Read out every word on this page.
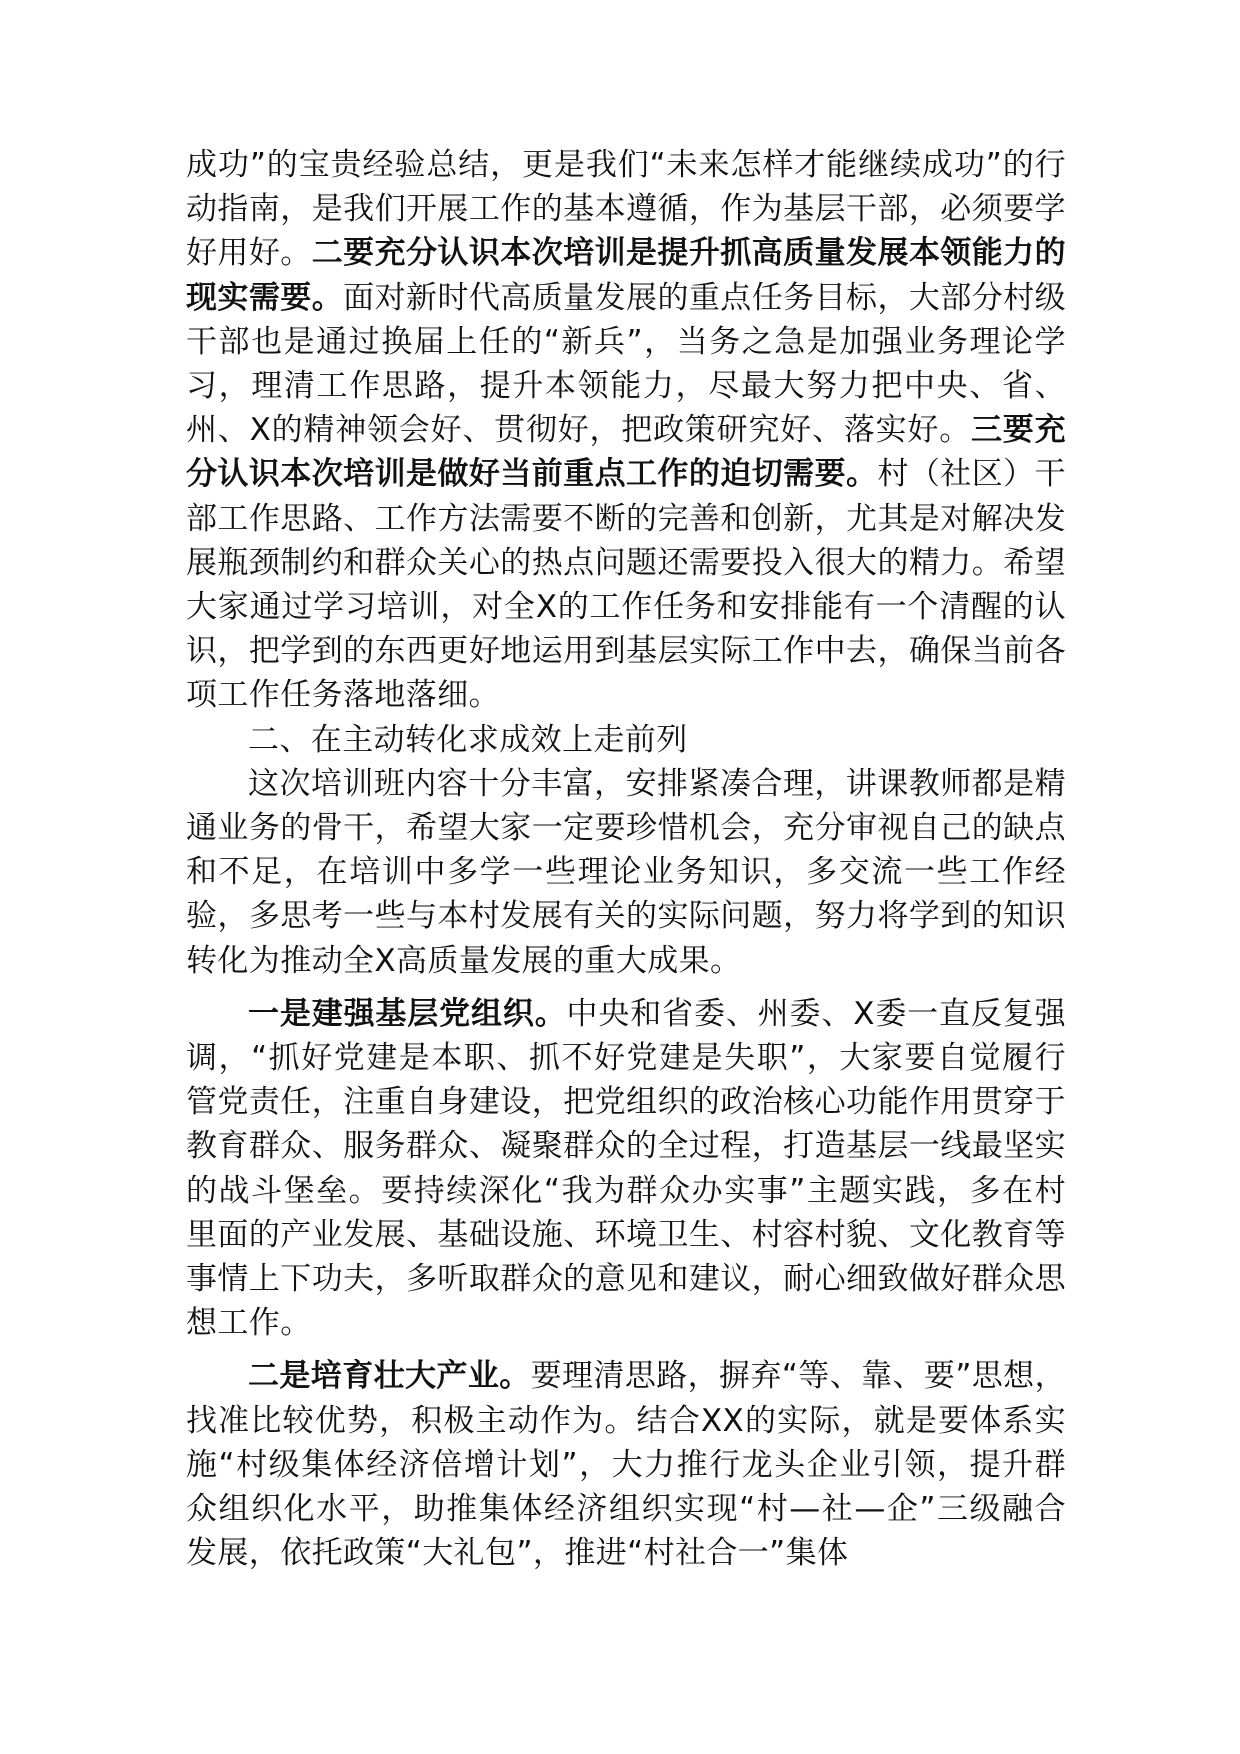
成功”的宝贵经验总结，更是我们“未来怎样才能继续成功”的行动指南，是我们开展工作的基本遵循，作为基层干部，必须要学好用好。二要充分认识本次培训是提升抓高质量发展本领能力的现实需要。面对新时代高质量发展的重点任务目标，大部分村级干部也是通过换届上任的“新兵”，当务之急是加强业务理论学习，理清工作思路，提升本领能力，尽最大努力把中央、省、州、X的精神领会好、贯彻好，把政策研究好、落实好。三要充分认识本次培训是做好当前重点工作的迫切需要。村（社区）干部工作思路、工作方法需要不断的完善和创新，尤其是对解决发展瓶颈制约和群众关心的热点问题还需要投入很大的精力。希望大家通过学习培训，对全X的工作任务和安排能有一个清醒的认识，把学到的东西更好地运用到基层实际工作中去，确保当前各项工作任务落地落细。

二、在主动转化求成效上走前列

这次培训班内容十分丰富，安排紧凑合理，讲课教师都是精通业务的骨干，希望大家一定要珍惜机会，充分审视自己的缺点和不足，在培训中多学一些理论业务知识，多交流一些工作经验，多思考一些与本村发展有关的实际问题，努力将学到的知识转化为推动全X高质量发展的重大成果。

一是建强基层党组织。中央和省委、州委、X委一直反复强调，“抓好党建是本职、抓不好党建是失职”，大家要自觉履行管党责任，注重自身建设，把党组织的政治核心功能作用贯穿于教育群众、服务群众、凝聚群众的全过程，打造基层一线最坚实的战斗堡垒。要持续深化“我为群众办实事”主题实践，多在村里面的产业发展、基础设施、环境卫生、村容村貌、文化教育等事情上下功夫，多听取群众的意见和建议，耐心细致做好群众思想工作。

二是培育壮大产业。要理清思路，摒弃“等、靠、要”思想，找准比较优势，积极主动作为。结合XX的实际，就是要体系实施“村级集体经济倍增计划”，大力推行龙头企业引领，提升群众组织化水平，助推集体经济组织实现“村—社—企”三级融合发展，依托政策“大礼包”，推进“村社合一”集体
